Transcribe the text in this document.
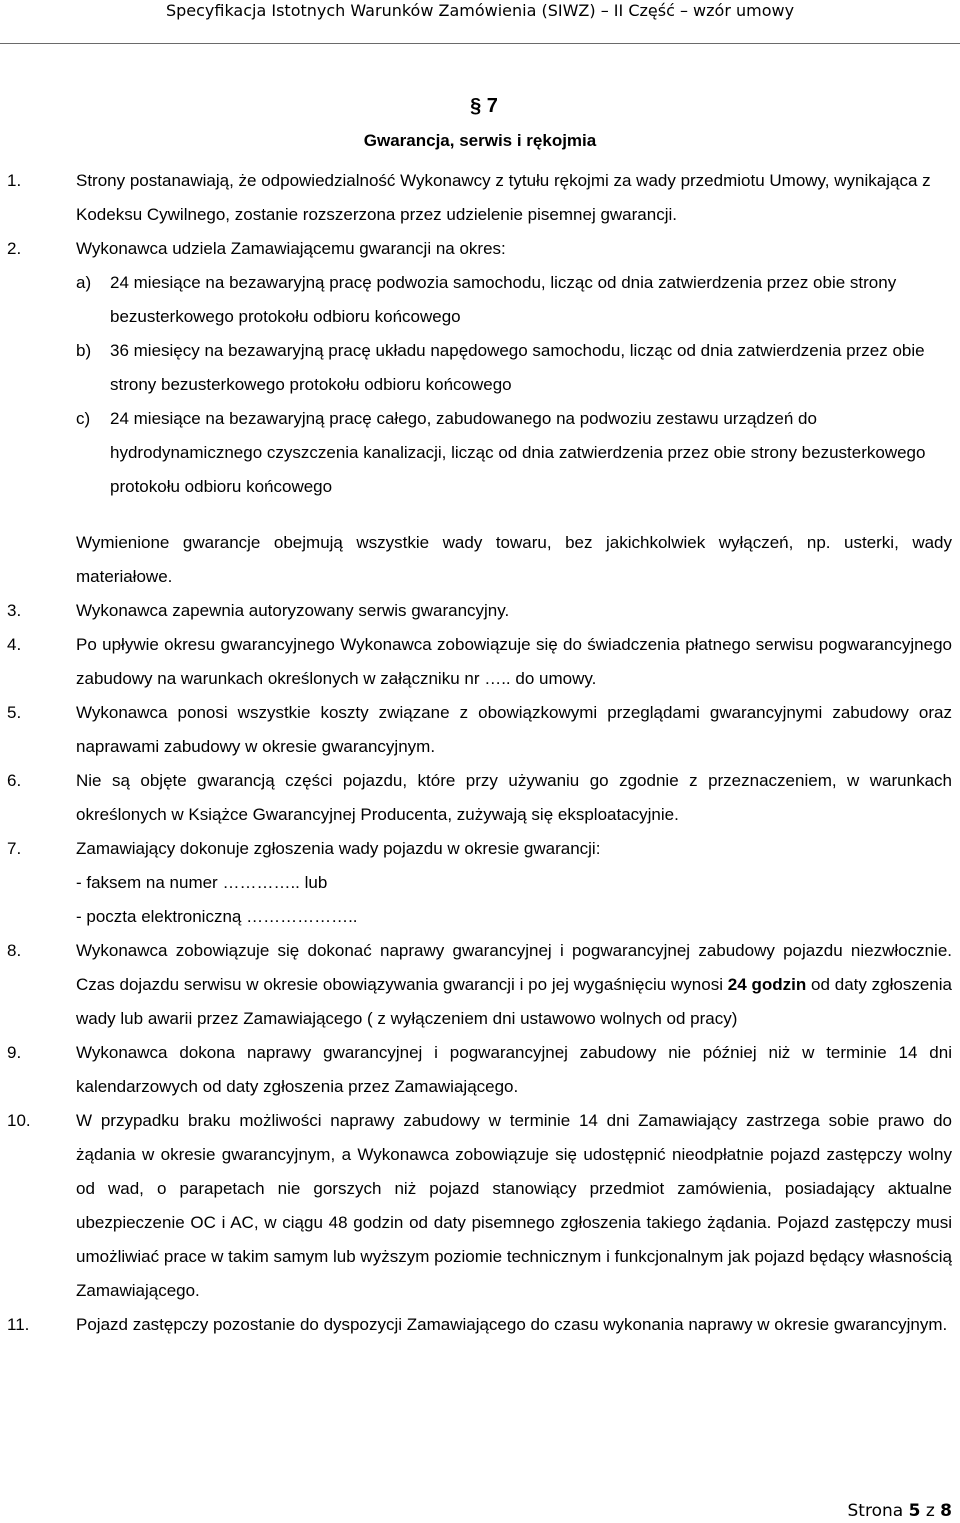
Specyfikacja Istotnych Warunków Zamówienia (SIWZ) – II Część – wzór umowy
§ 7
Gwarancja, serwis i rękojmia
1.	Strony postanawiają, że odpowiedzialność Wykonawcy z tytułu rękojmi za wady przedmiotu Umowy, wynikająca z Kodeksu Cywilnego, zostanie rozszerzona przez udzielenie pisemnej gwarancji.
2.	Wykonawca udziela Zamawiającemu gwarancji na okres:
a) 24 miesiące na bezawaryjną pracę podwozia samochodu, licząc od dnia zatwierdzenia przez obie strony bezusterkowego protokołu odbioru końcowego
b) 36 miesięcy na bezawaryjną pracę układu napędowego samochodu, licząc od dnia zatwierdzenia przez obie strony bezusterkowego protokołu odbioru końcowego
c) 24 miesiące na bezawaryjną pracę całego, zabudowanego na podwoziu zestawu urządzeń do hydrodynamicznego czyszczenia kanalizacji, licząc od dnia zatwierdzenia przez obie strony bezusterkowego protokołu odbioru końcowego
Wymienione gwarancje obejmują wszystkie wady towaru, bez jakichkolwiek wyłączeń, np. usterki, wady materiałowe.
3.	Wykonawca zapewnia autoryzowany serwis gwarancyjny.
4.	Po upływie okresu gwarancyjnego Wykonawca zobowiązuje się do świadczenia płatnego serwisu pogwarancyjnego zabudowy na warunkach określonych w załączniku nr ….. do umowy.
5.	Wykonawca ponosi wszystkie koszty związane z obowiązkowymi przeglądami gwarancyjnymi zabudowy oraz naprawami zabudowy w okresie gwarancyjnym.
6.	Nie są objęte gwarancją części pojazdu, które przy używaniu go zgodnie z przeznaczeniem, w warunkach określonych w Książce Gwarancyjnej Producenta, zużywają się eksploatacyjnie.
7.	Zamawiający dokonuje zgłoszenia wady pojazdu w okresie gwarancji:
- faksem na numer ………….. lub
- poczta elektroniczną ………………..
8.	Wykonawca zobowiązuje się dokonać naprawy gwarancyjnej i pogwarancyjnej zabudowy pojazdu niezwłocznie. Czas dojazdu serwisu w okresie obowiązywania gwarancji i po jej wygaśnięciu wynosi 24 godzin od daty zgłoszenia wady lub awarii przez Zamawiającego ( z wyłączeniem dni ustawowo wolnych od pracy)
9.	Wykonawca dokona naprawy gwarancyjnej i pogwarancyjnej zabudowy nie później niż w terminie 14 dni kalendarzowych od daty zgłoszenia przez Zamawiającego.
10.	W przypadku braku możliwości naprawy zabudowy w terminie 14 dni Zamawiający zastrzega sobie prawo do żądania w okresie gwarancyjnym, a Wykonawca zobowiązuje się udostępnić nieodpłatnie pojazd zastępczy wolny od wad, o parapetach nie gorszych niż pojazd stanowiący przedmiot zamówienia, posiadający aktualne ubezpieczenie OC i AC, w ciągu 48 godzin od daty pisemnego zgłoszenia takiego żądania. Pojazd zastępczy musi umożliwiać prace w takim samym lub wyższym poziomie technicznym i funkcjonalnym jak pojazd będący własnością Zamawiającego.
11.	Pojazd zastępczy pozostanie do dyspozycji Zamawiającego do czasu wykonania naprawy w okresie gwarancyjnym.
Strona 5 z 8
